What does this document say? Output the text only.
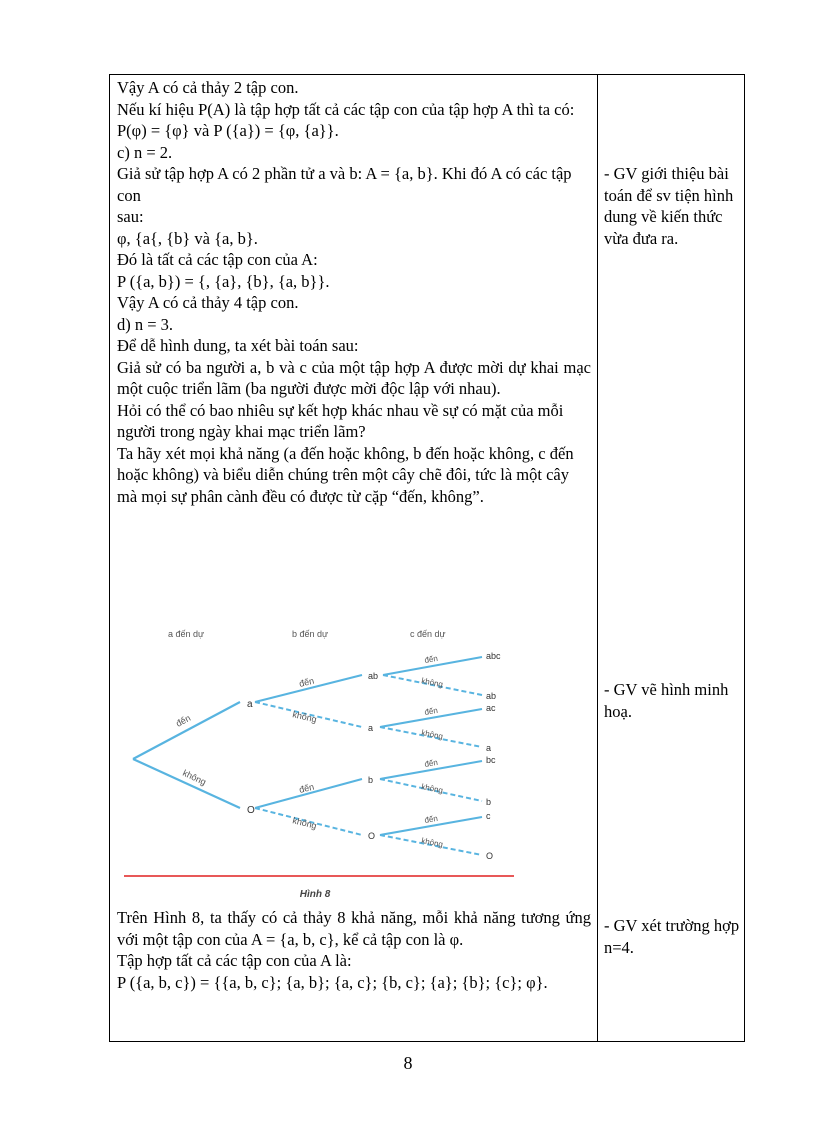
Vậy A có cả thảy 2 tập con.

Nếu kí hiệu P(A) là tập hợp tất cả các tập con của tập hợp A thì ta có:

P(φ) = {φ} và P ({a}) = {φ, {a}}.

c) n = 2.

Giả sử tập hợp A có 2 phần tử a và b: A = {a, b}. Khi đó A có các tập con

sau:

φ, {a{, {b} và {a, b}.

Đó là tất cả các tập con của A:

P ({a, b}) = {, {a}, {b}, {a, b}}.

Vậy A có cả thảy 4 tập con.

d) n = 3.

Để dễ hình dung, ta xét bài toán sau:

Giả sử có ba người a, b và c của một tập hợp A được mời dự khai mạc một cuộc triển lãm (ba người được mời độc lập với nhau).

Hỏi có thể có bao nhiêu sự kết hợp khác nhau về sự có mặt của mỗi người trong ngày khai mạc triển lãm?

Ta hãy xét mọi khả năng (a đến hoặc không, b đến hoặc không, c đến hoặc không) và biểu diễn chúng trên một cây chẽ đôi, tức là một cây mà mọi sự phân cành đều có được từ cặp “đến, không”.

- GV giới thiệu bài toán để sv tiện hình dung về kiến thức vừa đưa ra.

- GV vẽ hình minh hoạ.

- GV xét trường hợp n=4.

a đến dự	b đến dự	c đến dự
a
O
ab
a
b
O
abc
ab
ac
a
bc
b
c
O
đến
không
đến
không
đến
không
đến
không
đến
không
đến
không
đến
không
Hình 8

Trên Hình 8, ta thấy có cả thảy 8 khả năng, mỗi khả năng tương ứng với một tập con của A = {a, b, c}, kể cả tập con là φ.

Tập hợp tất cả các tập con của A là:

P ({a, b, c}) = {{a, b, c}; {a, b}; {a, c}; {b, c}; {a}; {b}; {c}; φ}.

8
